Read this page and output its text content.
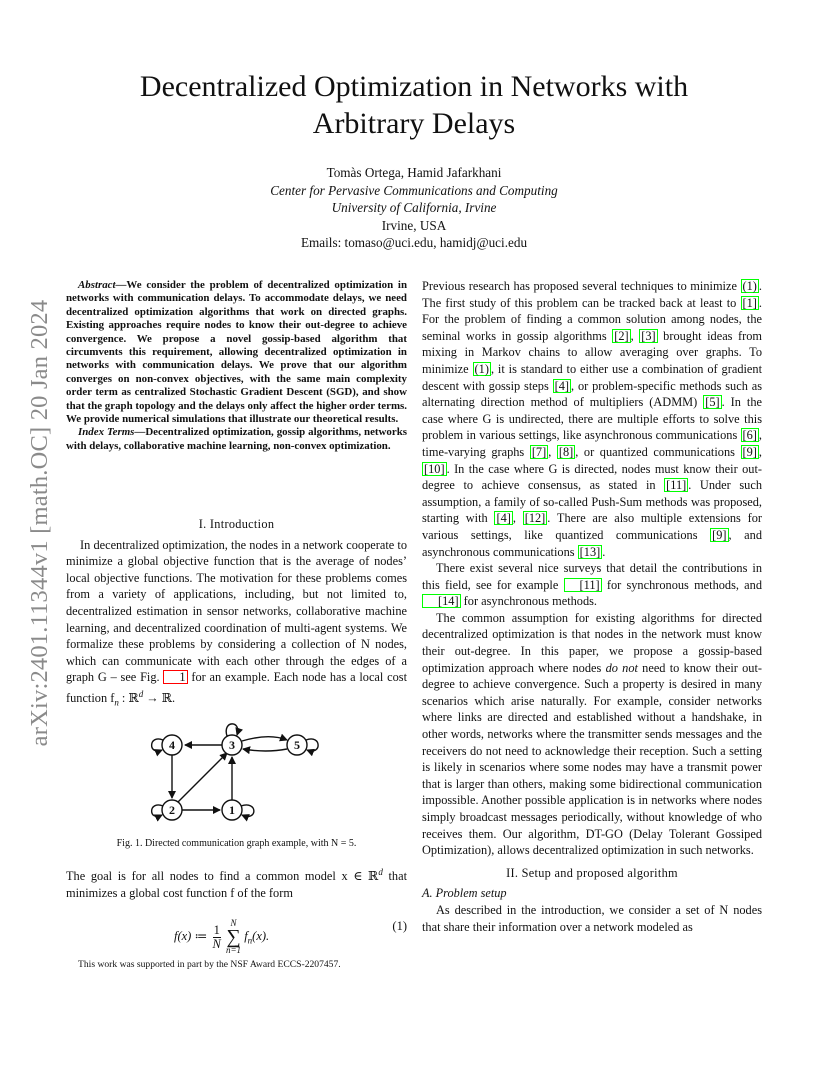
arXiv:2401.11344v1 [math.OC] 20 Jan 2024
Decentralized Optimization in Networks with
Arbitrary Delays
Tomàs Ortega, Hamid Jafarkhani
Center for Pervasive Communications and Computing
University of California, Irvine
Irvine, USA
Emails: tomaso@uci.edu, hamidj@uci.edu

Abstract—We consider the problem of decentralized optimization in networks with communication delays. To accommodate delays, we need decentralized optimization algorithms that work on directed graphs. Existing approaches require nodes to know their out-degree to achieve convergence. We propose a novel gossip-based algorithm that circumvents this requirement, allowing decentralized optimization in networks with communication delays. We prove that our algorithm converges on non-convex objectives, with the same main complexity order term as centralized Stochastic Gradient Descent (SGD), and show that the graph topology and the delays only affect the higher order terms. We provide numerical simulations that illustrate our theoretical results.

Index Terms—Decentralized optimization, gossip algorithms, networks with delays, collaborative machine learning, non-convex optimization.

I. Introduction

In decentralized optimization, the nodes in a network cooperate to minimize a global objective function that is the average of nodes’ local objective functions. The motivation for these problems comes from a variety of applications, including, but not limited to, decentralized estimation in sensor networks, collaborative machine learning, and decentralized coordination of multi-agent systems. We formalize these problems by considering a collection of N nodes, which can communicate with each other through the edges of a graph G – see Fig. 1 for an example. Each node has a local cost function $f_n$ : ℝ$^d$ → ℝ.

4	3	5
2	1
Fig. 1. Directed communication graph example, with N = 5.

The goal is for all nodes to find a common model x ∈ ℝ$^d$ that minimizes a global cost function f of the form

f(x) ≔ $\frac{1}{N}$

N
∑
n=1
$f_n(x)$.
(1)
This work was supported in part by the NSF Award ECCS-2207457.

Previous research has proposed several techniques to minimize (1) . The first study of this problem can be tracked back at least to [1] . For the problem of finding a common solution among nodes, the seminal works in gossip algorithms [2] , [3] brought ideas from mixing in Markov chains to allow averaging over graphs. To minimize (1) , it is standard to either use a combination of gradient descent with gossip steps [4] , or problem-specific methods such as alternating direction method of multipliers (ADMM) [5] . In the case where G is undirected, there are multiple efforts to solve this problem in various settings, like asynchronous communications [6] , time-varying graphs [7] , [8] , or quantized communications [9] , [10] . In the case where G is directed, nodes must know their out-degree to achieve consensus, as stated in [11] . Under such assumption, a family of so-called Push-Sum methods was proposed, starting with [4] , [12] . There are also multiple extensions for various settings, like quantized communications [9] , and asynchronous communications [13] .

There exist several nice surveys that detail the contributions in this field, see for example [11] for synchronous methods, and [14] for asynchronous methods.

The common assumption for existing algorithms for directed decentralized optimization is that nodes in the network must know their out-degree. In this paper, we propose a gossip-based optimization approach where nodes do not need to know their out-degree to achieve convergence. Such a property is desired in many scenarios which arise naturally. For example, consider networks where links are directed and established without a handshake, in other words, networks where the transmitter sends messages and the receivers do not need to acknowledge their reception. Such a setting is likely in scenarios where some nodes may have a transmit power that is larger than others, making some bidirectional communication impossible. Another possible application is in networks where nodes simply broadcast messages periodically, without knowledge of who receives them. Our algorithm, DT-GO (Delay Tolerant Gossiped Optimization), allows decentralized optimization in such networks.

II. Setup and proposed algorithm
A. Problem setup

As described in the introduction, we consider a set of N nodes that share their information over a network modeled as
